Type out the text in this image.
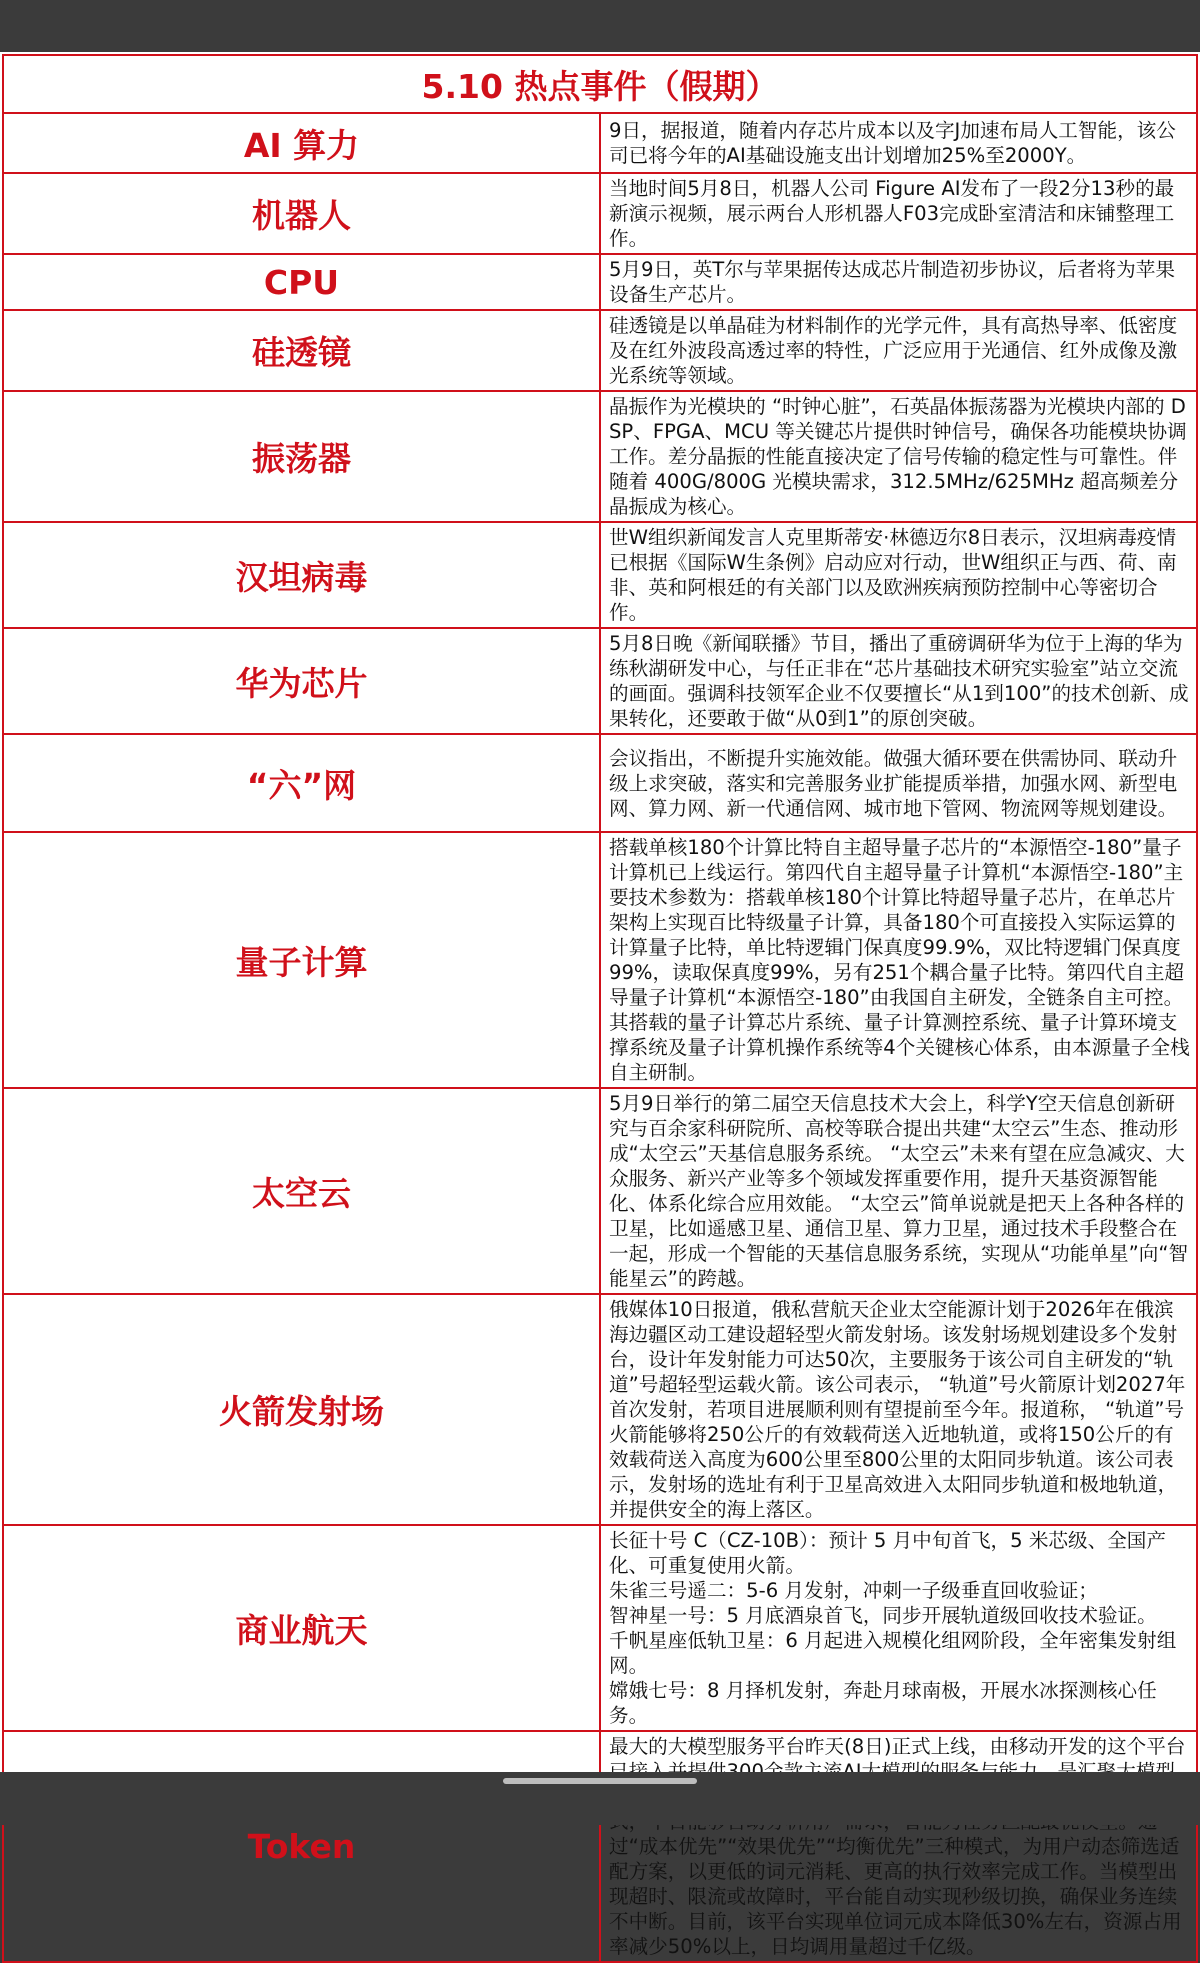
5.10 热点事件（假期）	
AI 算力	9日，据报道，随着内存芯片成本以及字J加速布局人工智能，该公司已将今年的AI基础设施支出计划增加25%至2000Y。
机器人	当地时间5月8日，机器人公司 Figure AI发布了一段2分13秒的最新演示视频，展示两台人形机器人F03完成卧室清洁和床铺整理工作。
CPU	5月9日，英T尔与苹果据传达成芯片制造初步协议，后者将为苹果设备生产芯片。
硅透镜	硅透镜是以单晶硅为材料制作的光学元件，具有高热导率、低密度及在红外波段高透过率的特性，广泛应用于光通信、红外成像及激光系统等领域。
振荡器	晶振作为光模块的 “时钟心脏”，石英晶体振荡器为光模块内部的 DSP、FPGA、MCU 等关键芯片提供时钟信号，确保各功能模块协调工作。差分晶振的性能直接决定了信号传输的稳定性与可靠性。伴随着 400G/800G 光模块需求，312.5MHz/625MHz 超高频差分晶振成为核心。
汉坦病毒	世W组织新闻发言人克里斯蒂安·林德迈尔8日表示，汉坦病毒疫情已根据《国际W生条例》启动应对行动，世W组织正与西、荷、南非、英和阿根廷的有关部门以及欧洲疾病预防控制中心等密切合作。
华为芯片	5月8日晚《新闻联播》节目，播出了重磅调研华为位于上海的华为练秋湖研发中心，与任正非在“芯片基础技术研究实验室”站立交流的画面。强调科技领军企业不仅要擅长“从1到100”的技术创新、成果转化，还要敢于做“从0到1”的原创突破。
“六”网	会议指出，不断提升实施效能。做强大循环要在供需协同、联动升级上求突破，落实和完善服务业扩能提质举措，加强水网、新型电网、算力网、新一代通信网、城市地下管网、物流网等规划建设。
量子计算	搭载单核180个计算比特自主超导量子芯片的“本源悟空-180”量子计算机已上线运行。第四代自主超导量子计算机“本源悟空-180”主要技术参数为：搭载单核180个计算比特超导量子芯片，在单芯片架构上实现百比特级量子计算，具备180个可直接投入实际运算的计算量子比特，单比特逻辑门保真度99.9%，双比特逻辑门保真度99%，读取保真度99%，另有251个耦合量子比特。第四代自主超导量子计算机“本源悟空-180”由我国自主研发，全链条自主可控。其搭载的量子计算芯片系统、量子计算测控系统、量子计算环境支撑系统及量子计算机操作系统等4个关键核心体系，由本源量子全栈自主研制。
太空云	5月9日举行的第二届空天信息技术大会上，科学Y空天信息创新研究与百余家科研院所、高校等联合提出共建“太空云”生态、推动形成“太空云”天基信息服务系统。 “太空云”未来有望在应急减灾、大众服务、新兴产业等多个领域发挥重要作用，提升天基资源智能化、体系化综合应用效能。 “太空云”简单说就是把天上各种各样的卫星，比如遥感卫星、通信卫星、算力卫星，通过技术手段整合在一起，形成一个智能的天基信息服务系统，实现从“功能单星”向“智能星云”的跨越。
火箭发射场	俄媒体10日报道，俄私营航天企业太空能源计划于2026年在俄滨海边疆区动工建设超轻型火箭发射场。该发射场规划建设多个发射台，设计年发射能力可达50次，主要服务于该公司自主研发的“轨道”号超轻型运载火箭。该公司表示， “轨道”号火箭原计划2027年首次发射，若项目进展顺利则有望提前至今年。报道称， “轨道”号火箭能够将250公斤的有效载荷送入近地轨道，或将150公斤的有效载荷送入高度为600公里至800公里的太阳同步轨道。该公司表示，发射场的选址有利于卫星高效进入太阳同步轨道和极地轨道，并提供安全的海上落区。
商业航天	长征十号 C（CZ-10B）：预计 5 月中旬首飞，5 米芯级、全国产化、可重复使用火箭。
朱雀三号遥二：5-6 月发射，冲刺一子级垂直回收验证；
智神星一号：5 月底酒泉首飞，同步开展轨道级回收技术验证。
千帆星座低轨卫星：6 月起进入规模化组网阶段，全年密集发射组网。
嫦娥七号：8 月择机发射，奔赴月球南极，开展水冰探测核心任务。

Token	最大的大模型服务平台昨天(8日)正式上线，由移动开发的这个平台 过“成本优先”“效果优先”“均衡优先”三种模式，为用户动态筛选适配方案，以更低的词元消耗、更高的执行效率完成工作。当模型出现超时、限流或故障时，平台能自动实现秒级切换，确保业务连续不中断。目前，该平台实现单位词元成本降低30%左右，资源占用率减少50%以上，日均调用量超过千亿级。
